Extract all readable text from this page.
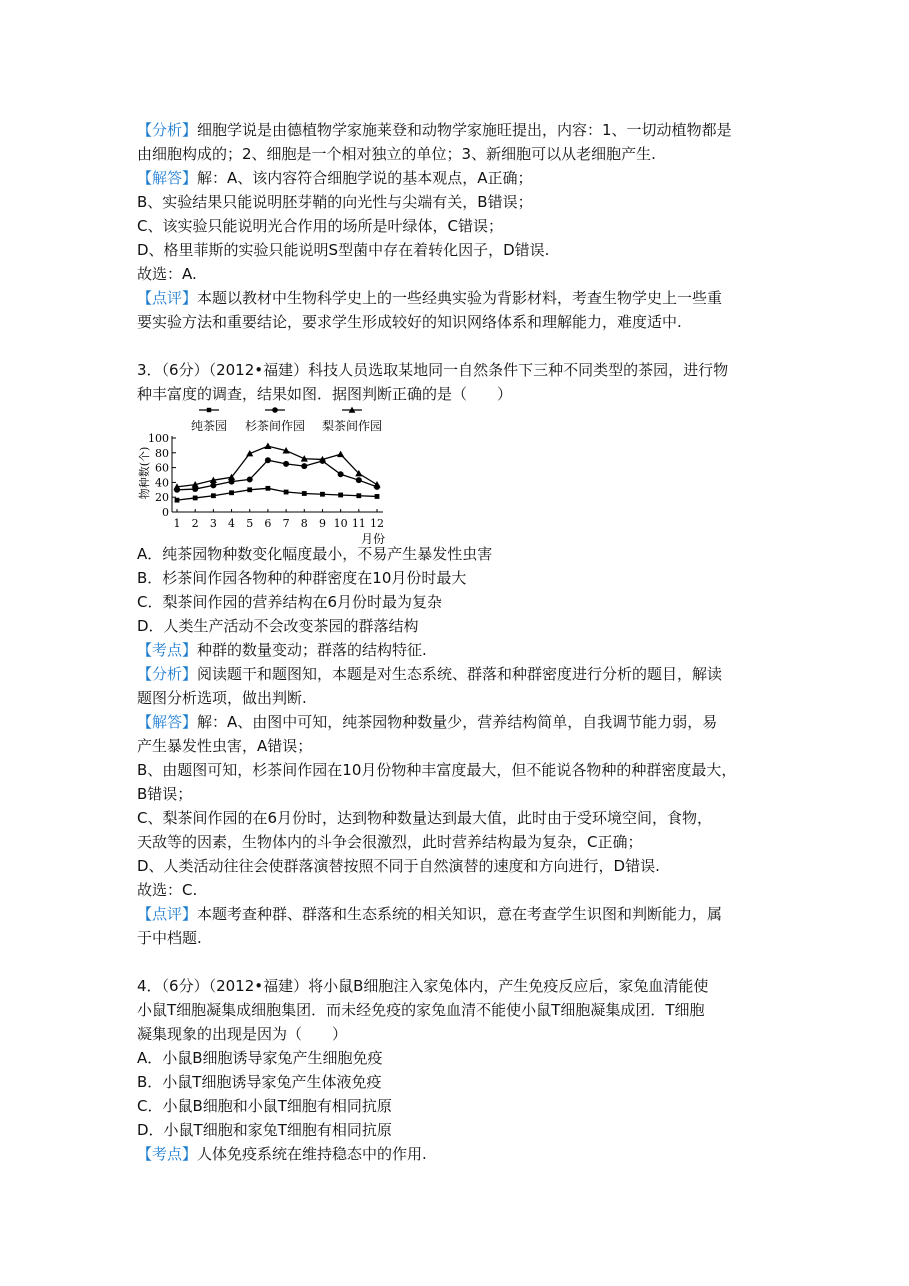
【分析】细胞学说是由德植物学家施莱登和动物学家施旺提出，内容：1、一切动植物都是
由细胞构成的；2、细胞是一个相对独立的单位；3、新细胞可以从老细胞产生.
【解答】解：A、该内容符合细胞学说的基本观点，A正确；
B、实验结果只能说明胚芽鞘的向光性与尖端有关，B错误；
C、该实验只能说明光合作用的场所是叶绿体，C错误；
D、格里菲斯的实验只能说明S型菌中存在着转化因子，D错误.
故选：A.
【点评】本题以教材中生物科学史上的一些经典实验为背影材料，考查生物学史上一些重
要实验方法和重要结论，要求学生形成较好的知识网络体系和理解能力，难度适中.
3．（6分）（2012•福建）科技人员选取某地同一自然条件下三种不同类型的茶园，进行物
种丰富度的调查，结果如图．据图判断正确的是（　　）
0
20
40
60
80
100
1 2 3 4 5 6 7 8 9 10 11 12
月份
物种数(个)
纯茶园 杉茶间作园 梨茶间作园
A．纯茶园物种数变化幅度最小，不易产生暴发性虫害
B．杉茶间作园各物种的种群密度在10月份时最大
C．梨茶间作园的营养结构在6月份时最为复杂
D．人类生产活动不会改变茶园的群落结构
【考点】种群的数量变动；群落的结构特征.
【分析】阅读题干和题图知，本题是对生态系统、群落和种群密度进行分析的题目，解读
题图分析选项，做出判断.
【解答】解：A、由图中可知，纯茶园物种数量少，营养结构简单，自我调节能力弱，易
产生暴发性虫害，A错误；
B、由题图可知，杉茶间作园在10月份物种丰富度最大，但不能说各物种的种群密度最大，
B错误；
C、梨茶间作园的在6月份时，达到物种数量达到最大值，此时由于受环境空间，食物，
天敌等的因素，生物体内的斗争会很激烈，此时营养结构最为复杂，C正确；
D、人类活动往往会使群落演替按照不同于自然演替的速度和方向进行，D错误.
故选：C.
【点评】本题考查种群、群落和生态系统的相关知识，意在考查学生识图和判断能力，属
于中档题.
4．（6分）（2012•福建）将小鼠B细胞注入家兔体内，产生免疫反应后，家兔血清能使
小鼠T细胞凝集成细胞集团．而未经免疫的家兔血清不能使小鼠T细胞凝集成团．T细胞
凝集现象的出现是因为（　　）
A．小鼠B细胞诱导家兔产生细胞免疫
B．小鼠T细胞诱导家兔产生体液免疫
C．小鼠B细胞和小鼠T细胞有相同抗原
D．小鼠T细胞和家兔T细胞有相同抗原
【考点】人体免疫系统在维持稳态中的作用.
